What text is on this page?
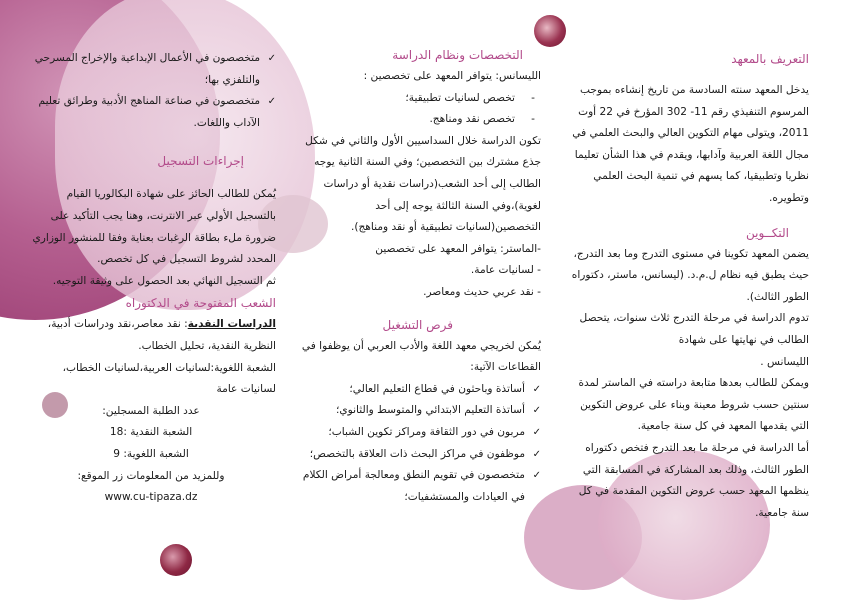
التعريف بالمعهد

يدخل المعهد سنته السادسة من تاريخ إنشاءه بموجب المرسوم التنفيذي رقم 11- 302 المؤرخ في 22 أوت 2011، ويتولى مهام التكوين العالي والبحث العلمي في مجال اللغة العربية وآدابها، ويقدم في هذا الشأن تعليما نظريا وتطبيقيا، كما يسهم في تنمية البحث العلمي وتطويره.

التكــوين

يضمن المعهد تكوينا في مستوى التدرج وما بعد التدرج، حيث يطبق فيه نظام ل.م.د. (ليسانس، ماستر، دكتوراه الطور الثالث).

تدوم الدراسة في مرحلة التدرج ثلاث سنوات، يتحصل الطالب في نهايتها على شهادة

الليسانس .

ويمكن للطالب بعدها متابعة دراسته في الماستر لمدة سنتين حسب شروط معينة وبناء على عروض التكوين التي يقدمها المعهد في كل سنة جامعية.

أما الدراسة في مرحلة ما بعد التدرج فتخص دكتوراه الطور الثالث، وذلك بعد المشاركة في المسابقة التي ينظمها المعهد حسب عروض التكوين المقدمة في كل سنة جامعية.

التخصصات ونظام الدراسة

الليسانس: يتوافر المعهد على تخصصين :

-
تخصص لسانيات تطبيقية؛
-
تخصص نقد ومناهج.

تكون الدراسة خلال السداسيين الأول والثاني في شكل جذع مشترك بين التخصصين؛ وفي السنة الثانية يوجه الطالب إلى أحد الشعب(دراسات نقدية أو دراسات لغوية)،وفي السنة الثالثة يوجه إلى أحد التخصصين(لسانيات تطبيقية أو نقد ومناهج).

-الماستر: يتوافر المعهد على تخصصين

- لسانيات عامة.

- نقد عربي حديث ومعاصر.

فرص التشغيل

يُمكن لخريجي معهد اللغة والأدب العربي أن يوظفوا في القطاعات الآتية:

✓
أساتذة وباحثون في قطاع التعليم العالي؛
✓
أساتذة التعليم الابتدائي والمتوسط والثانوي؛
✓
مربون في دور الثقافة ومراكز تكوين الشباب؛
✓
موظفون في مراكز البحث ذات العلاقة بالتخصص؛
✓
متخصصون في تقويم النطق ومعالجة أمراض الكلام في العيادات والمستشفيات؛
✓
متخصصون في الأعمال الإبداعية والإخراج المسرحي والتلفزي بها؛
✓
متخصصون في صناعة المناهج الأدبية وطرائق تعليم الآداب واللغات.
إجراءات التسجيل

يُمكن للطالب الحائز على شهادة البكالوريا القيام بالتسجيل الأولي عبر الانترنت، وهنا يجب التأكيد على ضرورة ملء بطاقة الرغبات بعناية وفقا للمنشور الوزاري المحدد لشروط التسجيل في كل تخصص.

ثم التسجيل النهائي بعد الحصول على وثيقة التوجيه.

الشعب المفتوحة في الدكتوراه

الدراسات النقدية: نقد معاصر،نقد ودراسات أدبية، النظرية النقدية، تحليل الخطاب.

الشعبة اللغوية:لسانيات العربية،لسانيات الخطاب، لسانيات عامة

عدد الطلبة المسجلين:

الشعبة النقدية :18

الشعبة اللغوية: 9

وللمزيد من المعلومات زر الموقع:

www.cu-tipaza.dz
